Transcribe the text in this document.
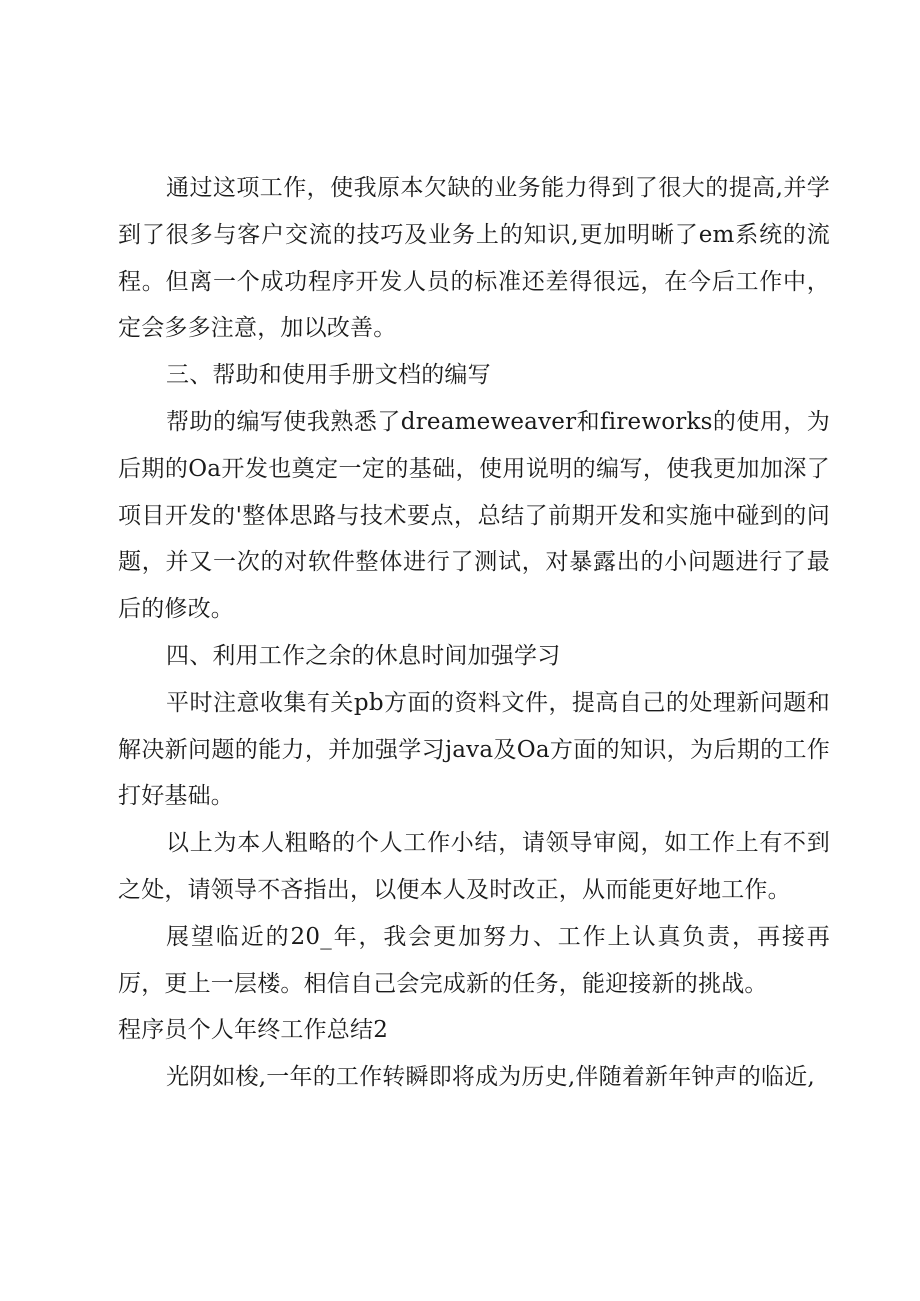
通过这项工作，使我原本欠缺的业务能力得到了很大的提高,并学到了很多与客户交流的技巧及业务上的知识,更加明晰了em系统的流程。但离一个成功程序开发人员的标准还差得很远，在今后工作中，定会多多注意，加以改善。

三、帮助和使用手册文档的编写

帮助的编写使我熟悉了dreameweaver和fireworks的使用，为后期的Oa开发也奠定一定的基础，使用说明的编写，使我更加加深了项目开发的'整体思路与技术要点，总结了前期开发和实施中碰到的问题，并又一次的对软件整体进行了测试，对暴露出的小问题进行了最后的修改。

四、利用工作之余的休息时间加强学习

平时注意收集有关pb方面的资料文件，提高自己的处理新问题和解决新问题的能力，并加强学习java及Oa方面的知识，为后期的工作打好基础。

以上为本人粗略的个人工作小结，请领导审阅，如工作上有不到之处，请领导不吝指出，以便本人及时改正，从而能更好地工作。

展望临近的20_年，我会更加努力、工作上认真负责，再接再厉，更上一层楼。相信自己会完成新的任务，能迎接新的挑战。

程序员个人年终工作总结2

光阴如梭,一年的工作转瞬即将成为历史,伴随着新年钟声的临近,
